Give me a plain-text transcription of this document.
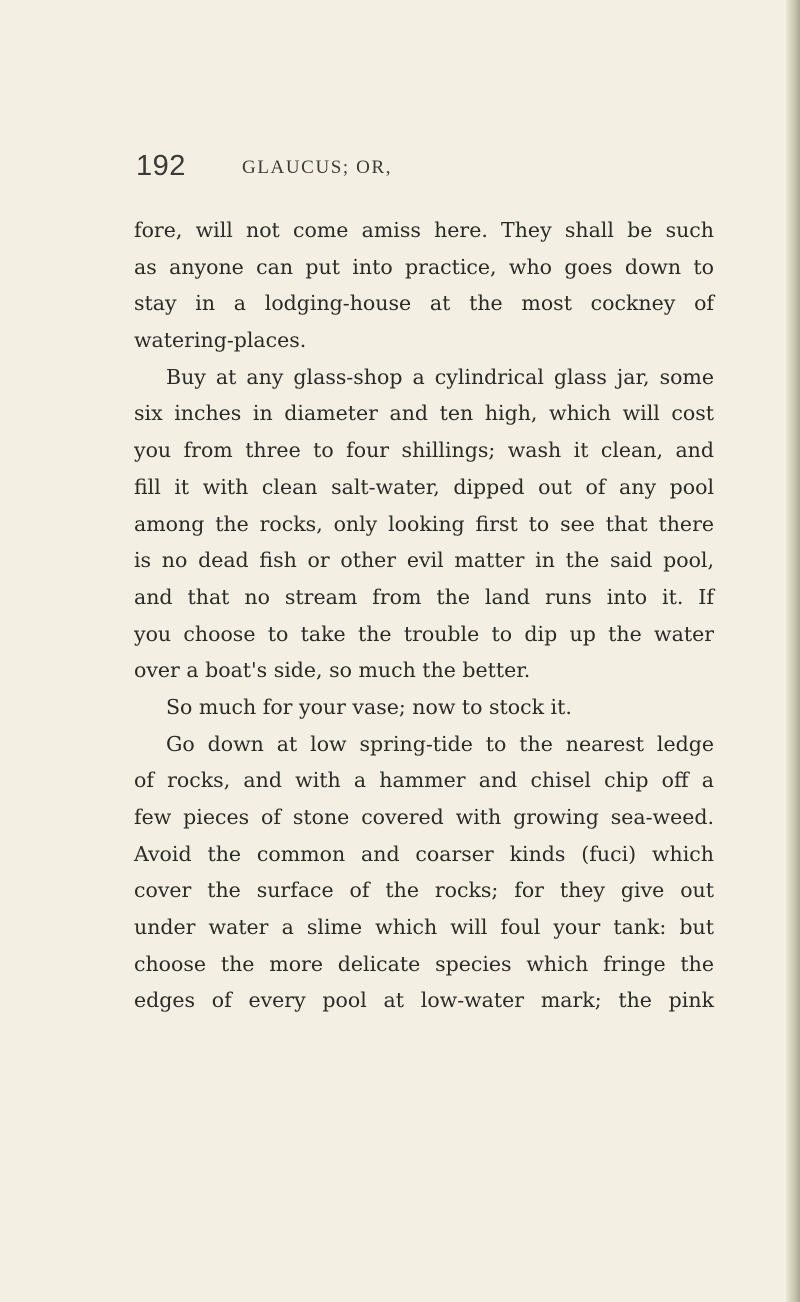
192	GLAUCUS; OR,
fore, will not come amiss here. They shall be such
as anyone can put into practice, who goes down to
stay in a lodging-house at the most cockney of
watering-places.
Buy at any glass-shop a cylindrical glass jar, some
six inches in diameter and ten high, which will cost
you from three to four shillings; wash it clean, and
fill it with clean salt-water, dipped out of any pool
among the rocks, only looking first to see that there
is no dead fish or other evil matter in the said pool,
and that no stream from the land runs into it. If
you choose to take the trouble to dip up the water
over a boat's side, so much the better.
So much for your vase; now to stock it.
Go down at low spring-tide to the nearest ledge
of rocks, and with a hammer and chisel chip off a
few pieces of stone covered with growing sea-weed.
Avoid the common and coarser kinds (fuci) which
cover the surface of the rocks; for they give out
under water a slime which will foul your tank: but
choose the more delicate species which fringe the
edges of every pool at low-water mark; the pink
